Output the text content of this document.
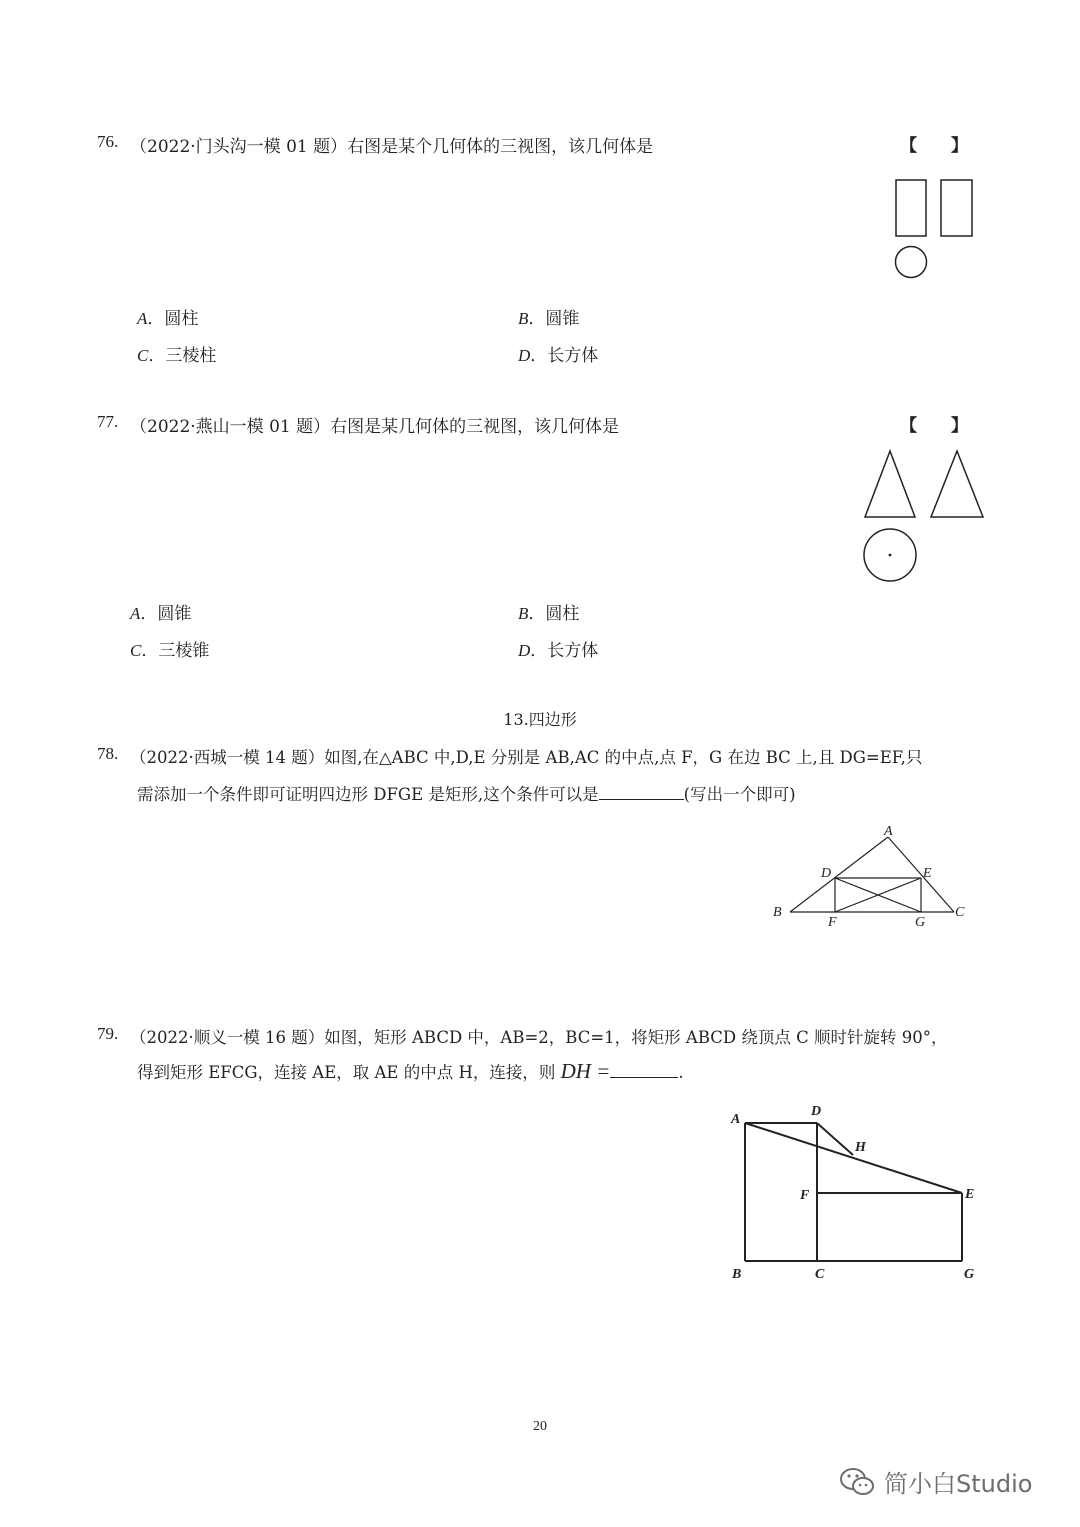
76. （2022·门头沟一模 01 题）右图是某个几何体的三视图，该几何体是	【　　】
A．圆柱	B．圆锥
C．三棱柱	D．长方体
77. （2022·燕山一模 01 题）右图是某几何体的三视图，该几何体是	【　　】
A．圆锥	B．圆柱
C．三棱锥	D．长方体
13.四边形
78. （2022·西城一模 14 题）如图,在△ABC 中,D,E 分别是 AB,AC 的中点,点 F，G 在边 BC 上,且 DG=EF,只
需添加一个条件即可证明四边形 DFGE 是矩形,这个条件可以是	(写出一个即可)
A
B	C
D	E
F	G
79. （2022·顺义一模 16 题）如图，矩形 ABCD 中，AB=2，BC=1，将矩形 ABCD 绕顶点 C 顺时针旋转 90°，
得到矩形 EFCG，连接 AE，取 AE 的中点 H，连接，则 DH =	.
A
B	C
D
E
F
G
H
20
简小白Studio
